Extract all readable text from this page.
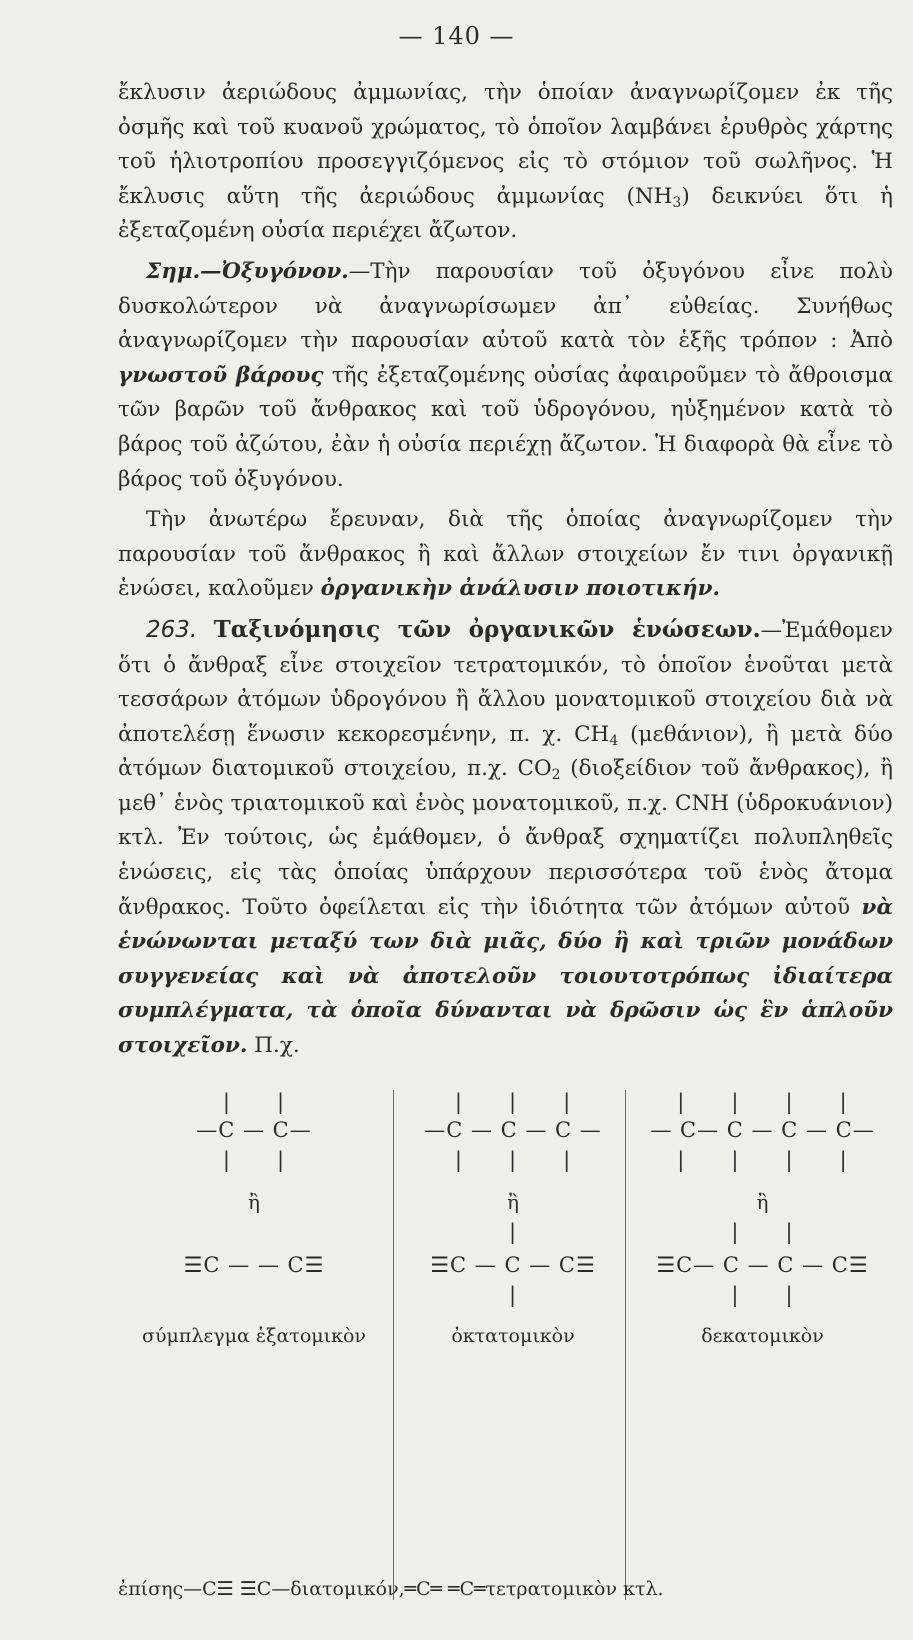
— 140 —

ἔκλυσιν ἀεριώδους ἀμμωνίας, τὴν ὁποίαν ἀναγνωρίζομεν ἐκ τῆς ὀσμῆς καὶ τοῦ κυανοῦ χρώματος, τὸ ὁποῖον λαμβάνει ἐρυθρὸς χάρτης τοῦ ἡλιοτροπίου προσεγγιζόμενος εἰς τὸ στόμιον τοῦ σωλῆνος. Ἡ ἔκλυσις αὕτη τῆς ἀεριώδους ἀμμωνίας $(NH_3)$ δεικνύει ὅτι ἡ ἐξεταζομένη οὐσία περιέχει ἄζωτον.

Σημ.—Ὀξυγόνον.—Τὴν παρουσίαν τοῦ ὀξυγόνου εἶνε πολὺ δυσκολώτερον νὰ ἀναγνωρίσωμεν ἀπ᾽ εὐθείας. Συνήθως ἀναγνωρίζομεν τὴν παρουσίαν αὐτοῦ κατὰ τὸν ἑξῆς τρόπον : Ἀπὸ γνωστοῦ βάρους τῆς ἐξεταζομένης οὐσίας ἀφαιροῦμεν τὸ ἄθροισμα τῶν βαρῶν τοῦ ἄνθρακος καὶ τοῦ ὑδρογόνου, ηὐξημένον κατὰ τὸ βάρος τοῦ ἀζώτου, ἐὰν ἡ οὐσία περιέχῃ ἄζωτον. Ἡ διαφορὰ θὰ εἶνε τὸ βάρος τοῦ ὀξυγόνου.

Τὴν ἀνωτέρω ἔρευναν, διὰ τῆς ὁποίας ἀναγνωρίζομεν τὴν παρουσίαν τοῦ ἄνθρακος ἢ καὶ ἄλλων στοιχείων ἔν τινι ὀργανικῇ ἑνώσει, καλοῦμεν ὀργανικὴν ἀνάλυσιν ποιοτικήν.

263. Ταξινόμησις τῶν ὀργανικῶν ἑνώσεων.—Ἐμάθομεν ὅτι ὁ ἄνθραξ εἶνε στοιχεῖον τετρατομικόν, τὸ ὁποῖον ἑνοῦται μετὰ τεσσάρων ἀτόμων ὑδρογόνου ἢ ἄλλου μονατομικοῦ στοιχείου διὰ νὰ ἀποτελέσῃ ἕνωσιν κεκορεσμένην, π. χ. $CH_4$ (μεθάνιον), ἢ μετὰ δύο ἀτόμων διατομικοῦ στοιχείου, π.χ. $CO_2$ (διοξείδιον τοῦ ἄνθρακος), ἢ μεθ᾽ ἑνὸς τριατομικοῦ καὶ ἑνὸς μονατομικοῦ, π.χ. CNH (ὑδροκυάνιον) κτλ. Ἐν τούτοις, ὡς ἐμάθομεν, ὁ ἄνθραξ σχηματίζει πολυπληθεῖς ἑνώσεις, εἰς τὰς ὁποίας ὑπάρχουν περισσότερα τοῦ ἑνὸς ἄτομα ἄνθρακος. Τοῦτο ὀφείλεται εἰς τὴν ἰδιότητα τῶν ἀτόμων αὐτοῦ νὰ ἑνώνωνται μεταξύ των διὰ μιᾶς, δύο ἢ καὶ τριῶν μονάδων συγγενείας καὶ νὰ ἀποτελοῦν τοιουτοτρόπως ἰδιαίτερα συμπλέγματα, τὰ ὁποῖα δύνανται νὰ δρῶσιν ὡς ἓν ἁπλοῦν στοιχεῖον. Π.χ.

|      |
—C — C—
|      |
ἢ
☰C — — C☰
σύμπλεγμα ἑξατομικὸν
|      |      |
—C — C — C —
|      |      |
ἢ
|
☰C — C — C☰
|
ὀκτατομικὸν
|      |      |      |
— C— C — C — C—
|      |      |      |
ἢ
|      |
☰C— C — C — C☰
|      |
δεκατομικὸν
ἐπίσης—C☰ ☰C—διατομικόν,═C═ ═C═τετρατομικὸν κτλ.
